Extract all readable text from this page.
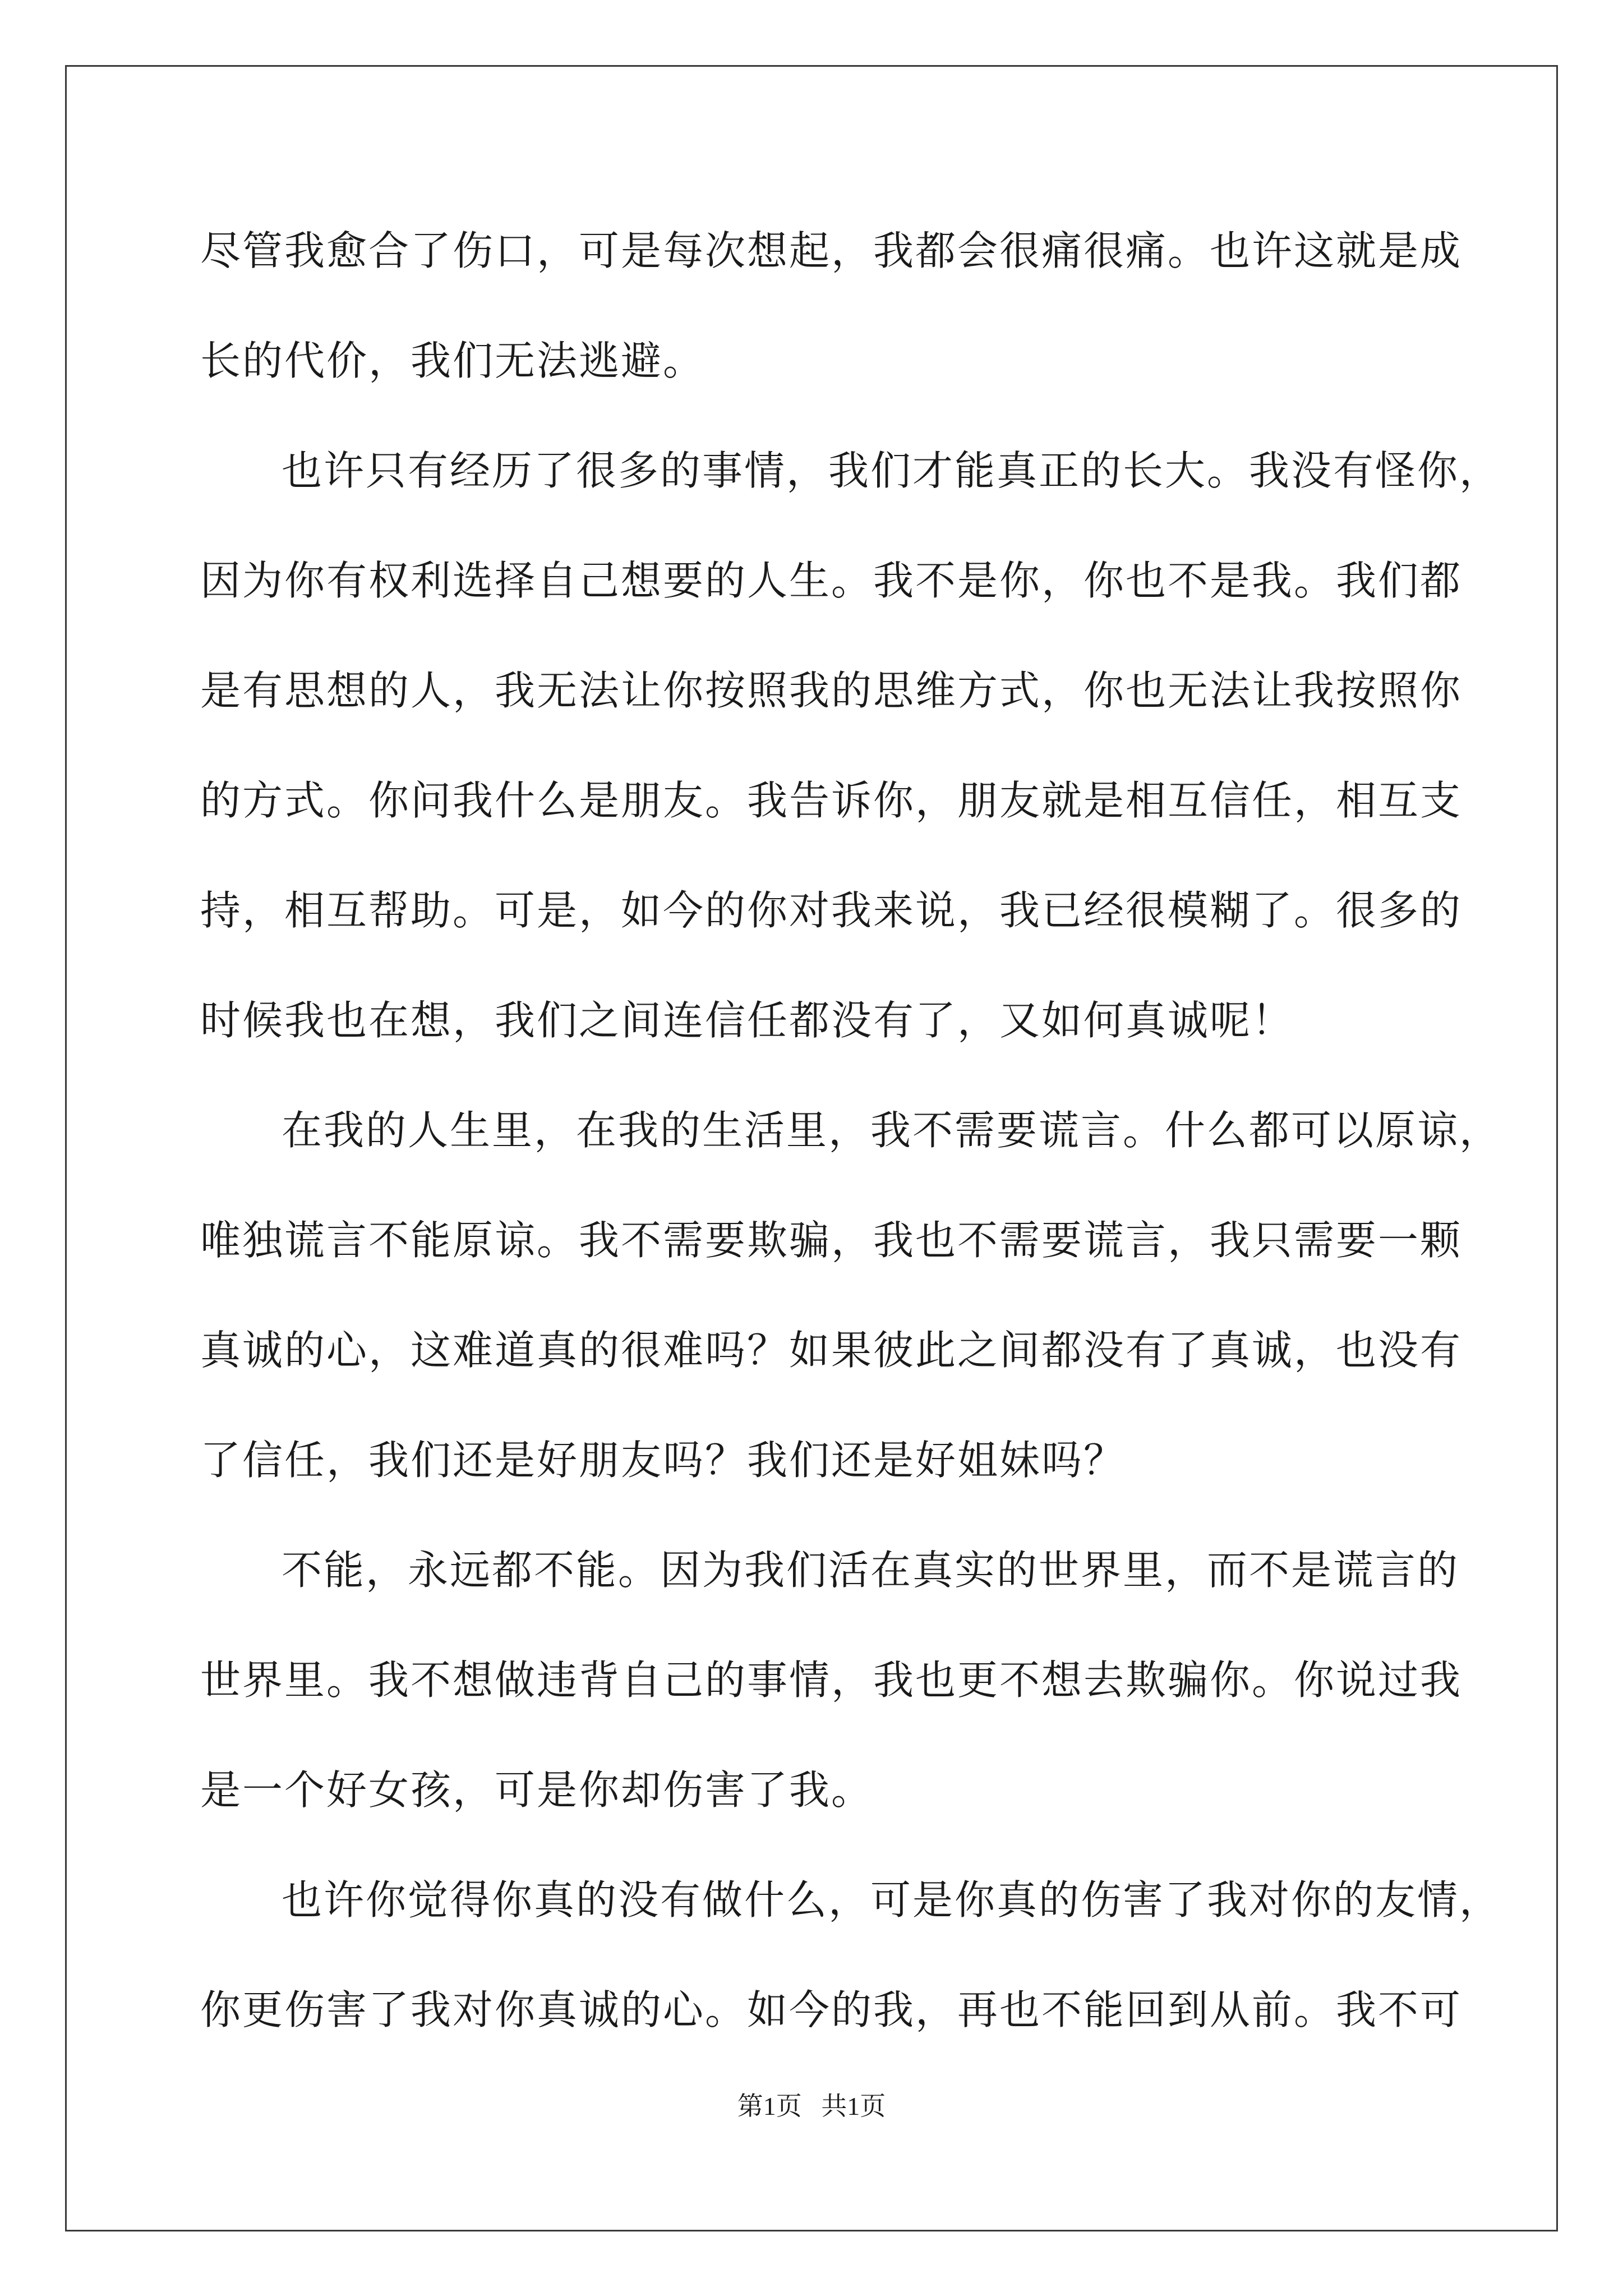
尽管我愈合了伤口，可是每次想起，我都会很痛很痛。也许这就是成
长的代价，我们无法逃避。
也许只有经历了很多的事情，我们才能真正的长大。我没有怪你，
因为你有权利选择自己想要的人生。我不是你，你也不是我。我们都
是有思想的人，我无法让你按照我的思维方式，你也无法让我按照你
的方式。你问我什么是朋友。我告诉你，朋友就是相互信任，相互支
持，相互帮助。可是，如今的你对我来说，我已经很模糊了。很多的
时候我也在想，我们之间连信任都没有了，又如何真诚呢！
在我的人生里，在我的生活里，我不需要谎言。什么都可以原谅，
唯独谎言不能原谅。我不需要欺骗，我也不需要谎言，我只需要一颗
真诚的心，这难道真的很难吗？如果彼此之间都没有了真诚，也没有
了信任，我们还是好朋友吗？我们还是好姐妹吗？
不能，永远都不能。因为我们活在真实的世界里，而不是谎言的
世界里。我不想做违背自己的事情，我也更不想去欺骗你。你说过我
是一个好女孩，可是你却伤害了我。
也许你觉得你真的没有做什么，可是你真的伤害了我对你的友情，
你更伤害了我对你真诚的心。如今的我，再也不能回到从前。我不可
第1页   共1页
